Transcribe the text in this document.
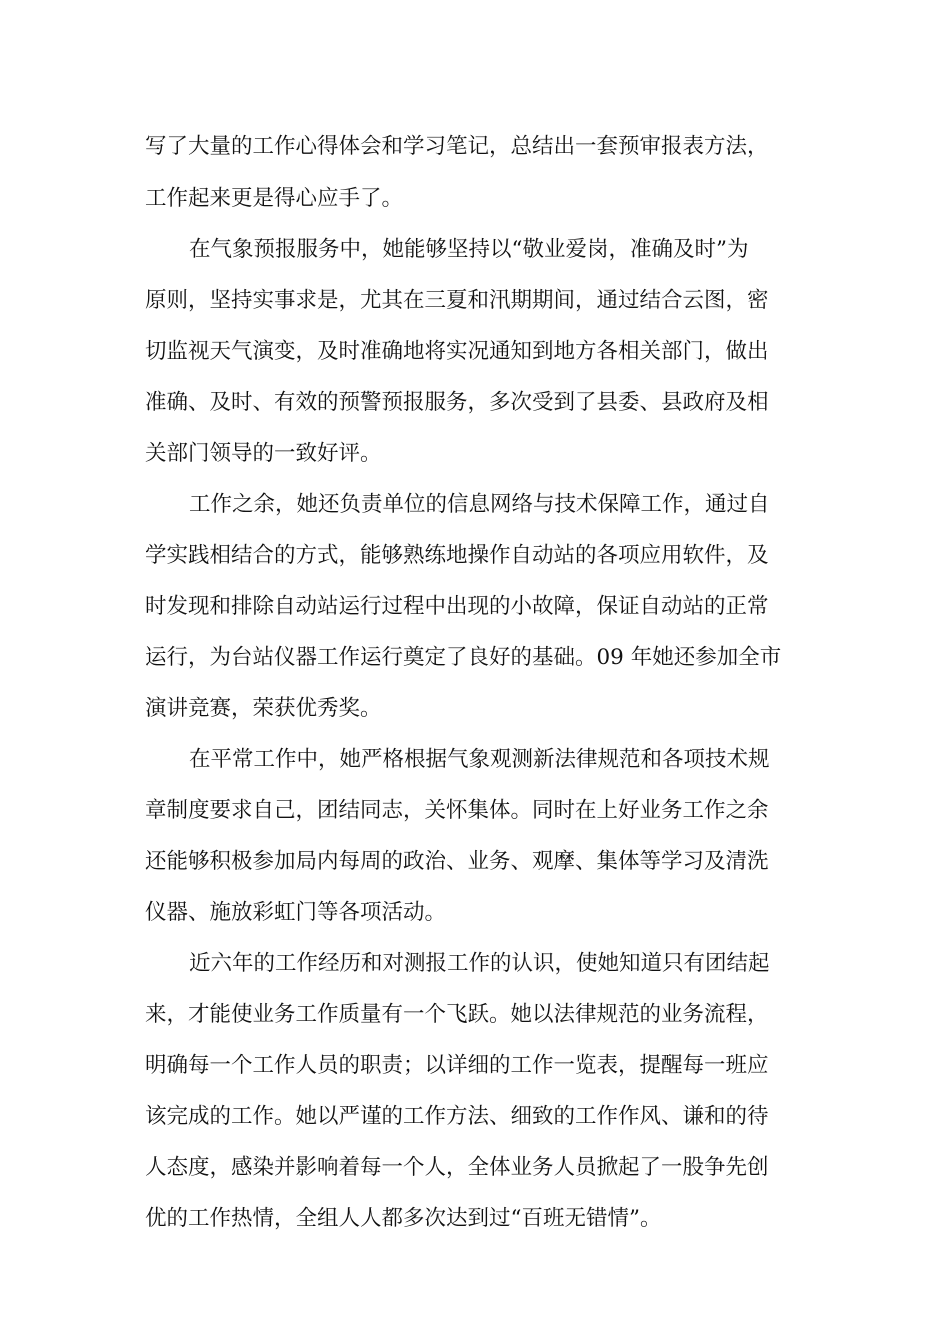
写了大量的工作心得体会和学习笔记，总结出一套预审报表方法，
工作起来更是得心应手了。
在气象预报服务中，她能够坚持以“敬业爱岗，准确及时”为
原则，坚持实事求是，尤其在三夏和汛期期间，通过结合云图，密
切监视天气演变，及时准确地将实况通知到地方各相关部门，做出
准确、及时、有效的预警预报服务，多次受到了县委、县政府及相
关部门领导的一致好评。
工作之余，她还负责单位的信息网络与技术保障工作，通过自
学实践相结合的方式，能够熟练地操作自动站的各项应用软件，及
时发现和排除自动站运行过程中出现的小故障，保证自动站的正常
运行，为台站仪器工作运行奠定了良好的基础。09 年她还参加全市
演讲竞赛，荣获优秀奖。
在平常工作中，她严格根据气象观测新法律规范和各项技术规
章制度要求自己，团结同志，关怀集体。同时在上好业务工作之余
还能够积极参加局内每周的政治、业务、观摩、集体等学习及清洗
仪器、施放彩虹门等各项活动。
近六年的工作经历和对测报工作的认识，使她知道只有团结起
来，才能使业务工作质量有一个飞跃。她以法律规范的业务流程，
明确每一个工作人员的职责；以详细的工作一览表，提醒每一班应
该完成的工作。她以严谨的工作方法、细致的工作作风、谦和的待
人态度，感染并影响着每一个人，全体业务人员掀起了一股争先创
优的工作热情，全组人人都多次达到过“百班无错情”。
